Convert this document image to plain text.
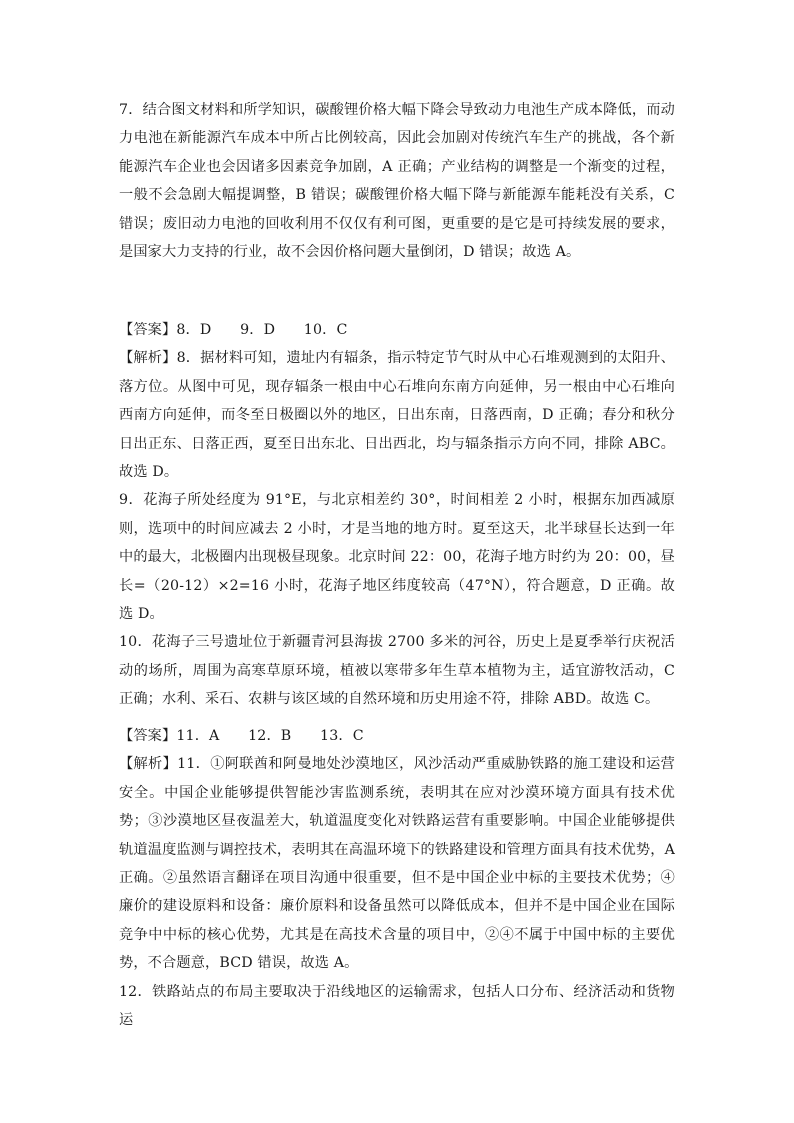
7．结合图文材料和所学知识，碳酸锂价格大幅下降会导致动力电池生产成本降低，而动力电池在新能源汽车成本中所占比例较高，因此会加剧对传统汽车生产的挑战，各个新能源汽车企业也会因诸多因素竞争加剧，A 正确；产业结构的调整是一个渐变的过程，一般不会急剧大幅提调整，B 错误；碳酸锂价格大幅下降与新能源车能耗没有关系，C 错误；废旧动力电池的回收利用不仅仅有利可图，更重要的是它是可持续发展的要求，是国家大力支持的行业，故不会因价格问题大量倒闭，D 错误；故选 A。

【答案】8．D　　9．D　　10．C

【解析】8．据材料可知，遗址内有辐条，指示特定节气时从中心石堆观测到的太阳升、落方位。从图中可见，现存辐条一根由中心石堆向东南方向延伸，另一根由中心石堆向西南方向延伸，而冬至日极圈以外的地区，日出东南，日落西南，D 正确；春分和秋分日出正东、日落正西，夏至日出东北、日出西北，均与辐条指示方向不同，排除 ABC。故选 D。

9．花海子所处经度为 91°E，与北京相差约 30°，时间相差 2 小时，根据东加西减原则，选项中的时间应减去 2 小时，才是当地的地方时。夏至这天，北半球昼长达到一年中的最大，北极圈内出现极昼现象。北京时间 22：00，花海子地方时约为 20：00，昼长=（20-12）×2=16 小时，花海子地区纬度较高（47°N），符合题意，D 正确。故选 D。

10．花海子三号遗址位于新疆青河县海拔 2700 多米的河谷，历史上是夏季举行庆祝活动的场所，周围为高寒草原环境，植被以寒带多年生草本植物为主，适宜游牧活动，C 正确；水利、采石、农耕与该区域的自然环境和历史用途不符，排除 ABD。故选 C。

【答案】11．A　　12．B　　13．C

【解析】11．①阿联酋和阿曼地处沙漠地区，风沙活动严重威胁铁路的施工建设和运营安全。中国企业能够提供智能沙害监测系统，表明其在应对沙漠环境方面具有技术优势；③沙漠地区昼夜温差大，轨道温度变化对铁路运营有重要影响。中国企业能够提供轨道温度监测与调控技术，表明其在高温环境下的铁路建设和管理方面具有技术优势，A 正确。②虽然语言翻译在项目沟通中很重要，但不是中国企业中标的主要技术优势；④廉价的建设原料和设备：廉价原料和设备虽然可以降低成本，但并不是中国企业在国际竞争中中标的核心优势，尤其是在高技术含量的项目中，②④不属于中国中标的主要优势，不合题意，BCD 错误，故选 A。

12．铁路站点的布局主要取决于沿线地区的运输需求，包括人口分布、经济活动和货物运
